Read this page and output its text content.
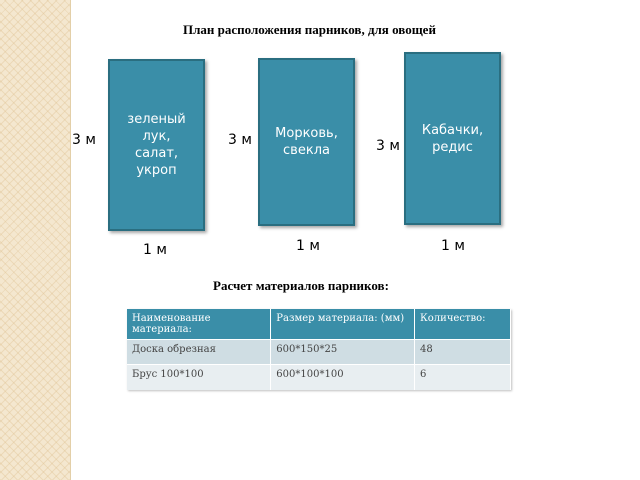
План расположения парников, для овощей
зеленый
лук,
салат,
укроп
Морковь,
свекла
Кабачки,
редис
3 м	3 м	3 м
1 м	1 м	1 м
Расчет материалов парников:
Наименование материала:	Размер материала: (мм)	Количество:
Доска обрезная	600*150*25	48
Брус 100*100	600*100*100	6
